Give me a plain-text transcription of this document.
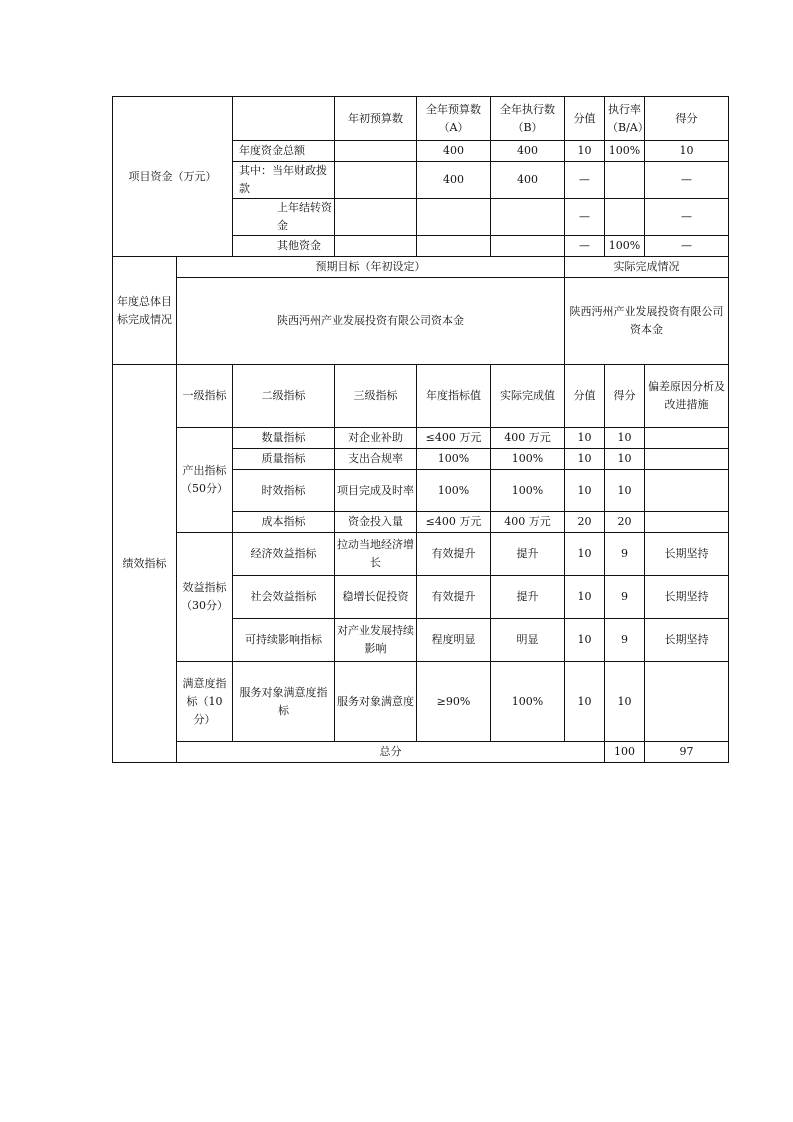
项目资金（万元）			年初预算数	全年预算数（A）	全年执行数（B）	分值	执行率（B/A）	得分	
		年度资金总额		400	400	10	100%	10	
		其中：当年财政拨款		400	400	—		—	
		上年结转资金				—		—	
		其他资金				—	100%	—	
年度总体目标完成情况	预期目标（年初设定）					实际完成情况			
	陕西沔州产业发展投资有限公司资本金					陕西沔州产业发展投资有限公司资本金			
绩效指标	一级指标	二级指标	三级指标	年度指标值	实际完成值	分值	得分	偏差原因分析及改进措施	
	产出指标（50分）	数量指标	对企业补助	≤400 万元	400 万元	10	10		
		质量指标	支出合规率	100%	100%	10	10		
		时效指标	项目完成及时率	100%	100%	10	10		
		成本指标	资金投入量	≤400 万元	400 万元	20	20		
	效益指标（30分）	经济效益指标	拉动当地经济增长	有效提升	提升	10	9	长期坚持	
		社会效益指标	稳增长促投资	有效提升	提升	10	9	长期坚持	
		可持续影响指标	对产业发展持续影响	程度明显	明显	10	9	长期坚持	
	满意度指标（10分）	服务对象满意度指标	服务对象满意度	≥90%	100%	10	10		
	总分						100	97	
